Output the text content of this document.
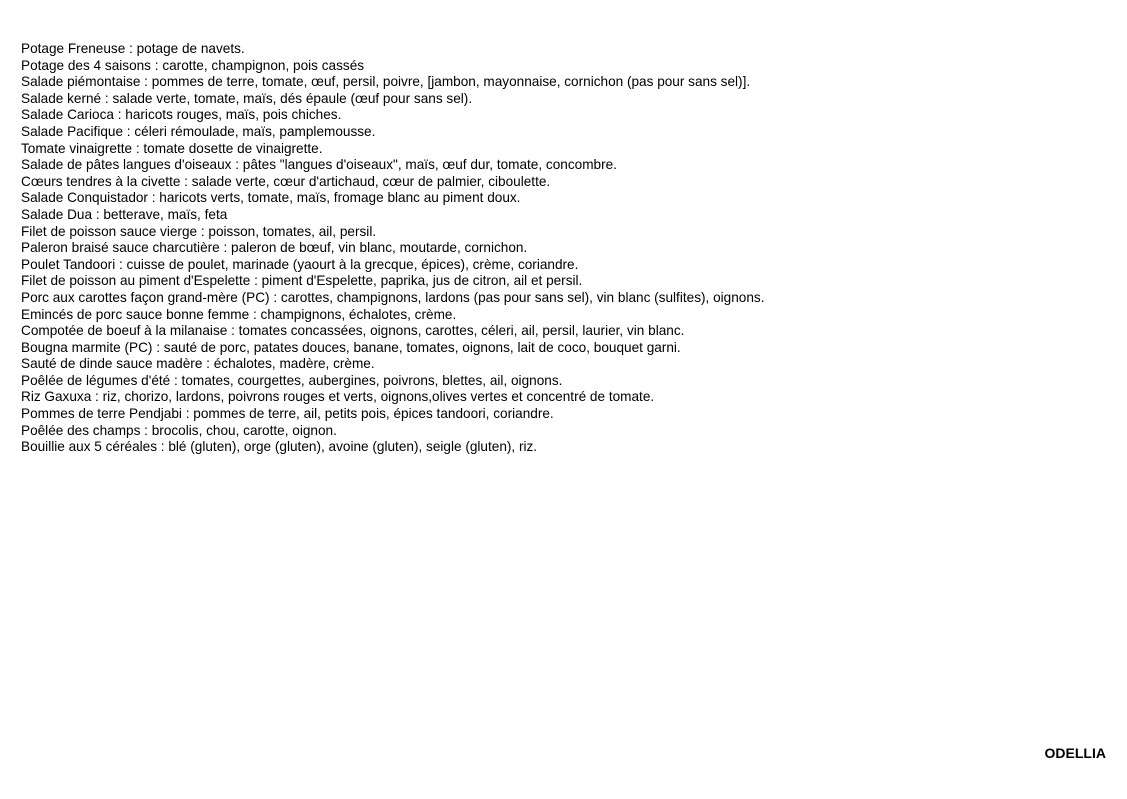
Potage Freneuse : potage de navets.
Potage des 4 saisons : carotte, champignon, pois cassés
Salade piémontaise : pommes de terre, tomate, œuf, persil, poivre, [jambon, mayonnaise, cornichon (pas pour sans sel)].
Salade kerné : salade verte, tomate, maïs, dés épaule (œuf pour sans sel).
Salade Carioca : haricots rouges, maïs, pois chiches.
Salade Pacifique : céleri rémoulade, maïs, pamplemousse.
Tomate vinaigrette : tomate dosette de vinaigrette.
Salade de pâtes langues d'oiseaux : pâtes "langues d'oiseaux", maïs, œuf dur, tomate, concombre.
Cœurs tendres à la civette : salade verte, cœur d'artichaud, cœur de palmier, ciboulette.
Salade Conquistador : haricots verts, tomate, maïs, fromage blanc au piment doux.
Salade Dua : betterave, maïs, feta
Filet de poisson sauce vierge : poisson, tomates, ail, persil.
Paleron braisé sauce charcutière : paleron de bœuf, vin blanc, moutarde, cornichon.
Poulet Tandoori : cuisse de poulet, marinade (yaourt à la grecque, épices), crème, coriandre.
Filet de poisson au piment d'Espelette : piment d'Espelette, paprika, jus de citron, ail et persil.
Porc aux carottes façon grand-mère (PC) : carottes, champignons, lardons (pas pour sans sel), vin blanc (sulfites), oignons.
Emincés de porc sauce bonne femme : champignons, échalotes, crème.
Compotée de boeuf à la milanaise : tomates concassées, oignons, carottes, céleri, ail, persil, laurier, vin blanc.
Bougna marmite (PC) : sauté de porc, patates douces, banane, tomates, oignons, lait de coco, bouquet garni.
Sauté de dinde sauce madère : échalotes, madère, crème.
Poêlée de légumes d'été : tomates, courgettes, aubergines, poivrons, blettes, ail, oignons.
Riz Gaxuxa : riz, chorizo, lardons, poivrons rouges et verts, oignons,olives vertes et concentré de tomate.
Pommes de terre Pendjabi : pommes de terre, ail, petits pois, épices tandoori, coriandre.
Poêlée des champs : brocolis, chou, carotte, oignon.
Bouillie aux 5 céréales : blé (gluten), orge (gluten), avoine (gluten), seigle (gluten), riz.
ODELLIA
